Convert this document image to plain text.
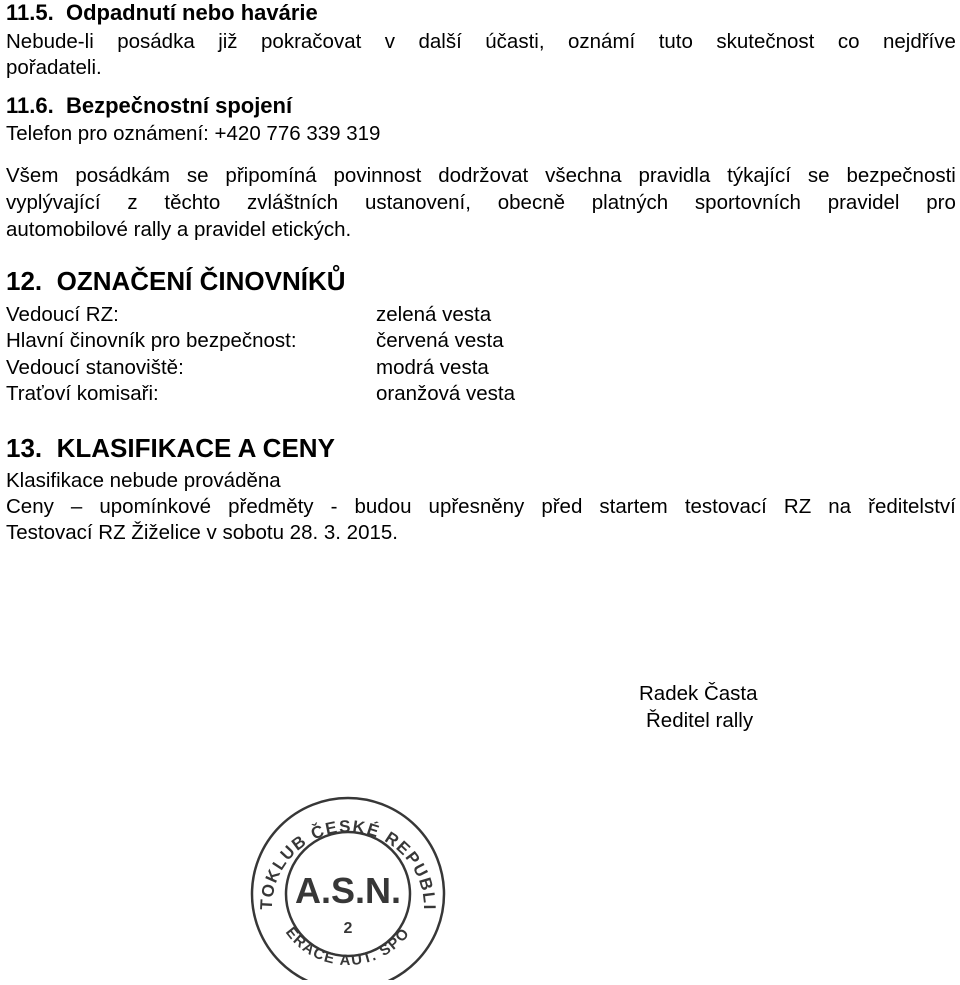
11.5. Odpadnutí nebo havárie
Nebude-li posádka již pokračovat v další účasti, oznámí tuto skutečnost co nejdříve
pořadateli.
11.6. Bezpečnostní spojení
Telefon pro oznámení: +420 776 339 319
Všem posádkám se připomíná povinnost dodržovat všechna pravidla týkající se bezpečnosti
vyplývající z těchto zvláštních ustanovení, obecně platných sportovních pravidel pro
automobilové rally a pravidel etických.
12. OZNAČENÍ ČINOVNÍKŮ
Vedoucí RZ:	zelená vesta
Hlavní činovník pro bezpečnost:	červená vesta
Vedoucí stanoviště:	modrá vesta
Traťoví komisaři:	oranžová vesta
13. KLASIFIKACE A CENY
Klasifikace nebude prováděna
Ceny – upomínkové předměty - budou upřesněny před startem testovací RZ na ředitelství
Testovací RZ Žiželice v sobotu 28. 3. 2015.
Radek Časta
Ředitel rally
TOKLUB ČESKÉ REPUBLI
ERACE AUT. SPO
A.S.N.
2
